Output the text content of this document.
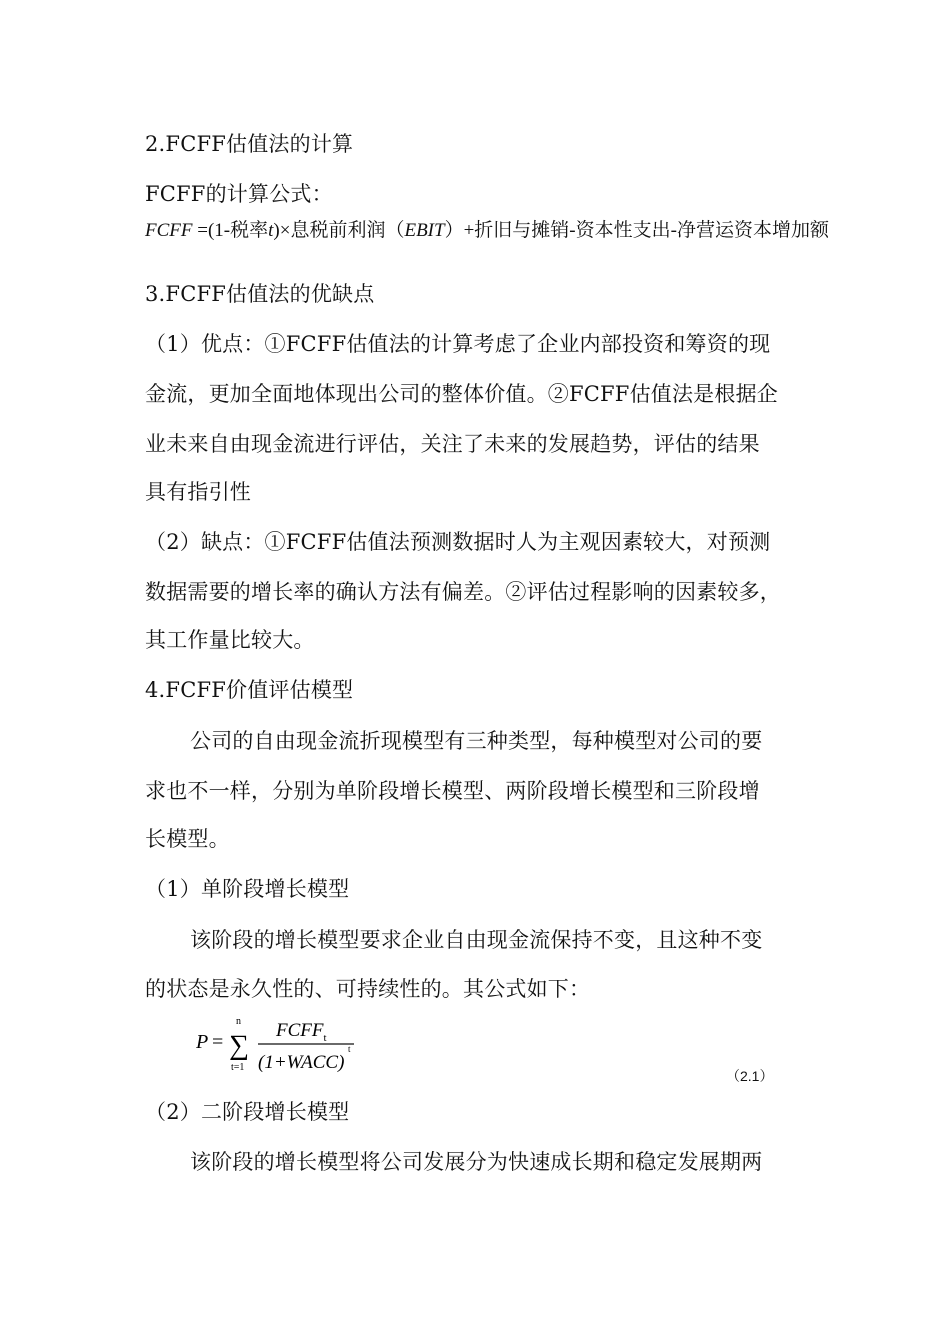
FCFF =(1-税率t)×息税前利润（EBIT）+折旧与摊销-资本性支出-净营运资本增加额
P =
n
∑
t=1
$FCFF_t$
(1+WACC)
t
（2.1）
2.FCFF估值法的计算
FCFF的计算公式：
3.FCFF估值法的优缺点
（1）优点：①FCFF估值法的计算考虑了企业内部投资和筹资的现
金流，更加全面地体现出公司的整体价值。②FCFF估值法是根据企
业未来自由现金流进行评估，关注了未来的发展趋势，评估的结果
具有指引性
（2）缺点：①FCFF估值法预测数据时人为主观因素较大，对预测
数据需要的增长率的确认方法有偏差。②评估过程影响的因素较多，
其工作量比较大。
4.FCFF价值评估模型
公司的自由现金流折现模型有三种类型，每种模型对公司的要
求也不一样，分别为单阶段增长模型、两阶段增长模型和三阶段增
长模型。
（1）单阶段增长模型
该阶段的增长模型要求企业自由现金流保持不变，且这种不变
的状态是永久性的、可持续性的。其公式如下：
（2）二阶段增长模型
该阶段的增长模型将公司发展分为快速成长期和稳定发展期两
